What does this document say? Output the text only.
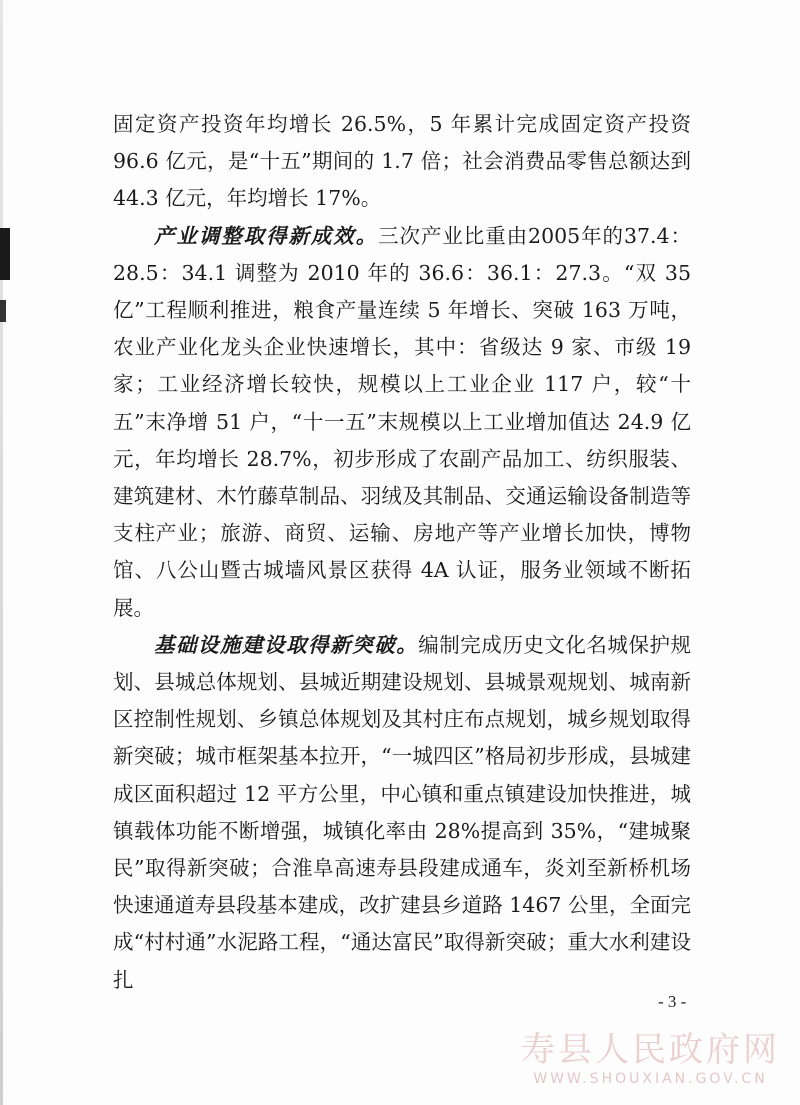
固定资产投资年均增长 26.5%，5 年累计完成固定资产投资 96.6 亿元，是“十五”期间的 1.7 倍；社会消费品零售总额达到 44.3 亿元，年均增长 17%。

产业调整取得新成效。三次产业比重由2005年的37.4：28.5：34.1 调整为 2010 年的 36.6：36.1：27.3。“双 35 亿”工程顺利推进，粮食产量连续 5 年增长、突破 163 万吨，农业产业化龙头企业快速增长，其中：省级达 9 家、市级 19 家；工业经济增长较快，规模以上工业企业 117 户，较“十五”末净增 51 户，“十一五”末规模以上工业增加值达 24.9 亿元，年均增长 28.7%，初步形成了农副产品加工、纺织服装、建筑建材、木竹藤草制品、羽绒及其制品、交通运输设备制造等支柱产业；旅游、商贸、运输、房地产等产业增长加快，博物馆、八公山暨古城墙风景区获得 4A 认证，服务业领域不断拓展。

基础设施建设取得新突破。编制完成历史文化名城保护规划、县城总体规划、县城近期建设规划、县城景观规划、城南新区控制性规划、乡镇总体规划及其村庄布点规划，城乡规划取得新突破；城市框架基本拉开，“一城四区”格局初步形成，县城建成区面积超过 12 平方公里，中心镇和重点镇建设加快推进，城镇载体功能不断增强，城镇化率由 28%提高到 35%，“建城聚民”取得新突破；合淮阜高速寿县段建成通车，炎刘至新桥机场快速通道寿县段基本建成，改扩建县乡道路 1467 公里，全面完成“村村通”水泥路工程，“通达富民”取得新突破；重大水利建设扎

- 3 -
寿县人民政府网
WWW.SHOUXIAN.GOV.CN
